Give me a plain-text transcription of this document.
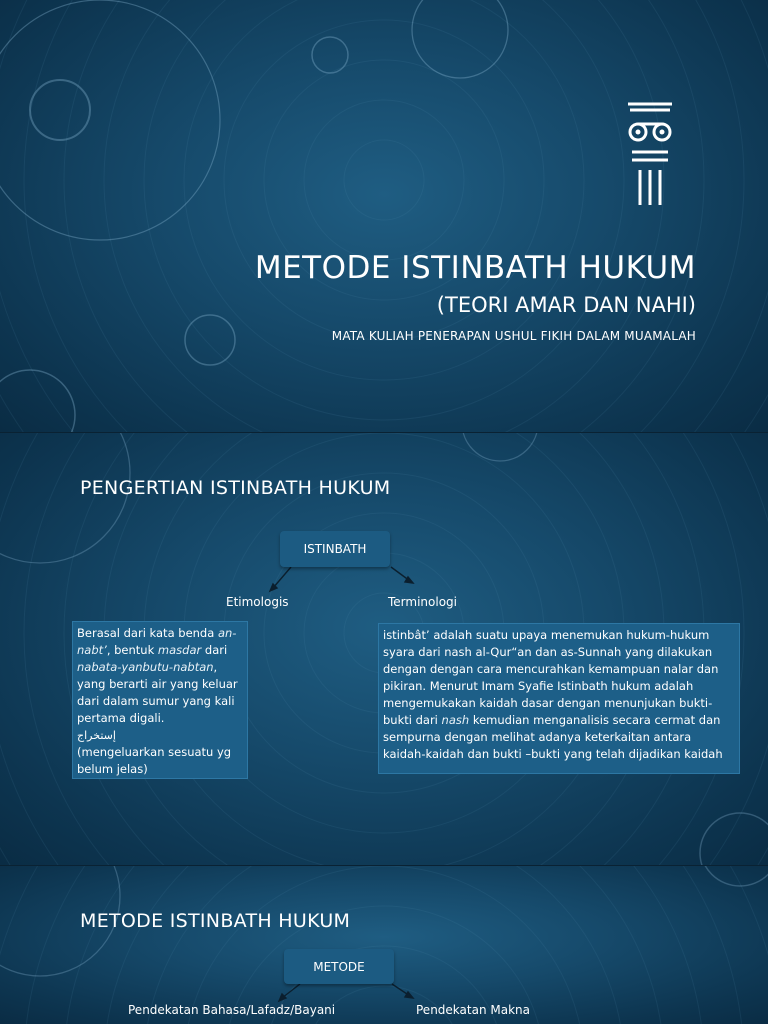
METODE ISTINBATH HUKUM
(TEORI AMAR DAN NAHI)
MATA KULIAH PENERAPAN USHUL FIKIH DALAM MUAMALAH
PENGERTIAN ISTINBATH HUKUM
ISTINBATH
Etimologis	Terminologi
Berasal dari kata benda an-nabt’, bentuk masdar dari nabata-yanbutu-nabtan, yang berarti air yang keluar dari dalam sumur yang kali pertama digali.
إستخراج
(mengeluarkan sesuatu yg belum jelas)
istinbât’ adalah suatu upaya menemukan hukum-hukum syara dari nash al-Qur“an dan as-Sunnah yang dilakukan dengan dengan cara mencurahkan kemampuan nalar dan pikiran. Menurut Imam Syafie Istinbath hukum adalah mengemukakan kaidah dasar dengan menunjukan bukti-bukti dari nash kemudian menganalisis secara cermat dan sempurna dengan melihat adanya keterkaitan antara kaidah-kaidah dan bukti –bukti yang telah dijadikan kaidah
METODE ISTINBATH HUKUM
METODE
Pendekatan Bahasa/Lafadz/Bayani	Pendekatan Makna
